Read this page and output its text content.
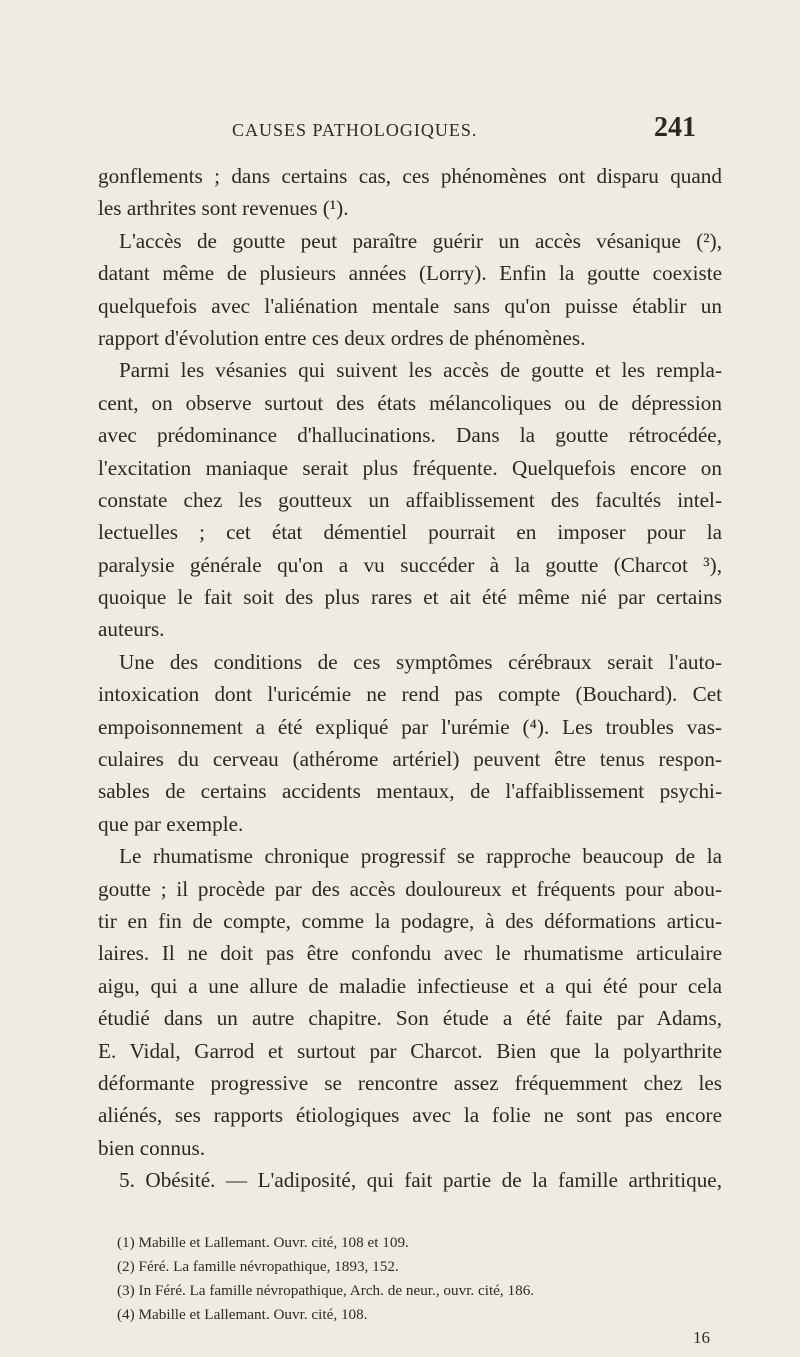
CAUSES PATHOLOGIQUES.	241
gonflements ; dans certains cas, ces phénomènes ont disparu quand
les arthrites sont revenues (¹).
L'accès de goutte peut paraître guérir un accès vésanique (²),
datant même de plusieurs années (Lorry). Enfin la goutte coexiste
quelquefois avec l'aliénation mentale sans qu'on puisse établir un
rapport d'évolution entre ces deux ordres de phénomènes.
Parmi les vésanies qui suivent les accès de goutte et les rempla-
cent, on observe surtout des états mélancoliques ou de dépression
avec prédominance d'hallucinations. Dans la goutte rétrocédée,
l'excitation maniaque serait plus fréquente. Quelquefois encore on
constate chez les goutteux un affaiblissement des facultés intel-
lectuelles ; cet état démentiel pourrait en imposer pour la
paralysie générale qu'on a vu succéder à la goutte (Charcot ³),
quoique le fait soit des plus rares et ait été même nié par certains
auteurs.
Une des conditions de ces symptômes cérébraux serait l'auto-
intoxication dont l'uricémie ne rend pas compte (Bouchard). Cet
empoisonnement a été expliqué par l'urémie (⁴). Les troubles vas-
culaires du cerveau (athérome artériel) peuvent être tenus respon-
sables de certains accidents mentaux, de l'affaiblissement psychi-
que par exemple.
Le rhumatisme chronique progressif se rapproche beaucoup de la
goutte ; il procède par des accès douloureux et fréquents pour abou-
tir en fin de compte, comme la podagre, à des déformations articu-
laires. Il ne doit pas être confondu avec le rhumatisme articulaire
aigu, qui a une allure de maladie infectieuse et a qui été pour cela
étudié dans un autre chapitre. Son étude a été faite par Adams,
E. Vidal, Garrod et surtout par Charcot. Bien que la polyarthrite
déformante progressive se rencontre assez fréquemment chez les
aliénés, ses rapports étiologiques avec la folie ne sont pas encore
bien connus.
5. Obésité. — L'adiposité, qui fait partie de la famille arthritique,
(1) Mabille et Lallemant. Ouvr. cité, 108 et 109.
(2) Féré. La famille névropathique, 1893, 152.
(3) In Féré. La famille névropathique, Arch. de neur., ouvr. cité, 186.
(4) Mabille et Lallemant. Ouvr. cité, 108.
16
